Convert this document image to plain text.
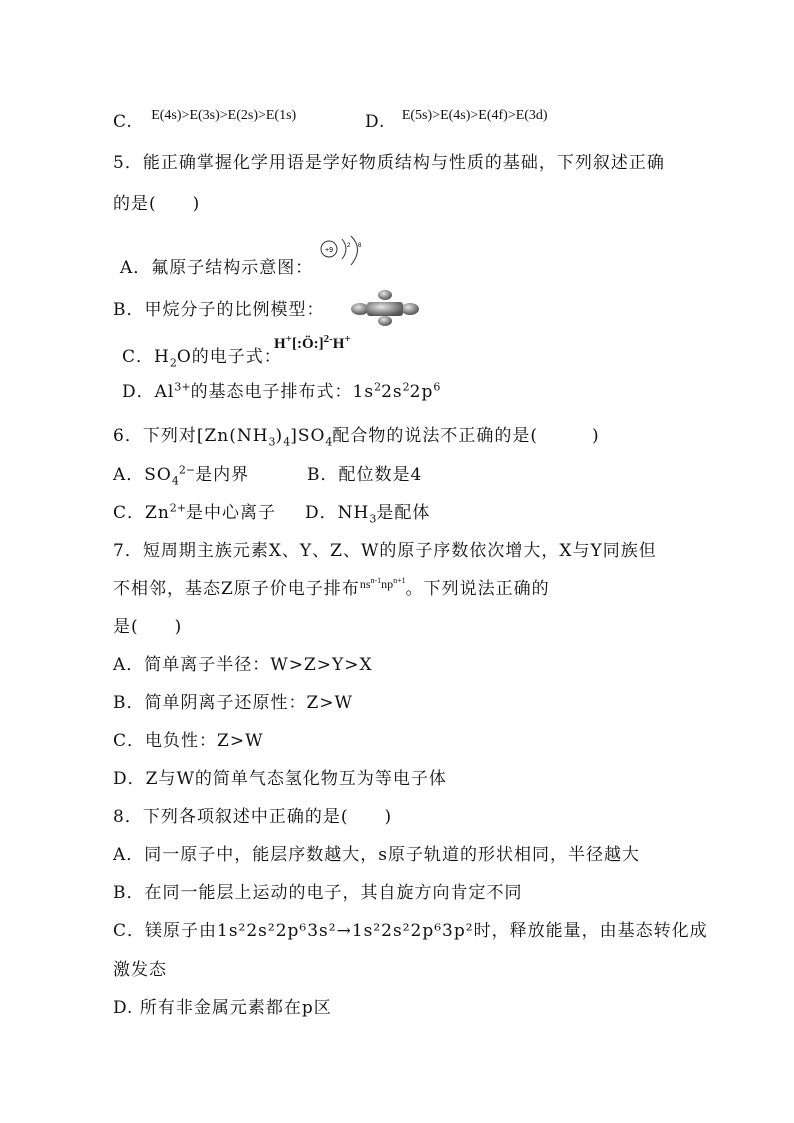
C. $^{E(4s)>E(3s)>E(2s)>E(1s)}$	D. $^{E(5s)>E(4s)>E(4f)>E(3d)}$
5．能正确掌握化学用语是学好物质结构与性质的基础，下列叙述正确
的是(　　)
A．氟原子结构示意图：
+9
2 8
B．甲烷分子的比例模型：
C．$H_2O$的电子式：
H+[:Ö:]$^{2-}$H+
D．$Al^{3+}$的基态电子排布式：$1s^22s^22p^6$
6．下列对$[Zn(NH_3)_4]SO_4$配合物的说法不正确的是(　　　)
A．$SO_4^{2-}$是内界	B．配位数是4
C．$Zn^{2+}$是中心离子 D．$NH_3$是配体
7．短周期主族元素X、Y、Z、W的原子序数依次增大，X与Y同族但
不相邻，基态Z原子价电子排布$^{ns^{n-1}np^{n+1}}$。下列说法正确的
是(　　)
A．简单离子半径：W>Z>Y>X
B．简单阴离子还原性：Z>W
C．电负性：Z>W
D．Z与W的简单气态氢化物互为等电子体
8．下列各项叙述中正确的是(　　)
A．同一原子中，能层序数越大，s原子轨道的形状相同，半径越大
B．在同一能层上运动的电子，其自旋方向肯定不同
C．镁原子由1s²2s²2p⁶3s²→1s²2s²2p⁶3p²时，释放能量，由基态转化成
激发态
D. 所有非金属元素都在p区
